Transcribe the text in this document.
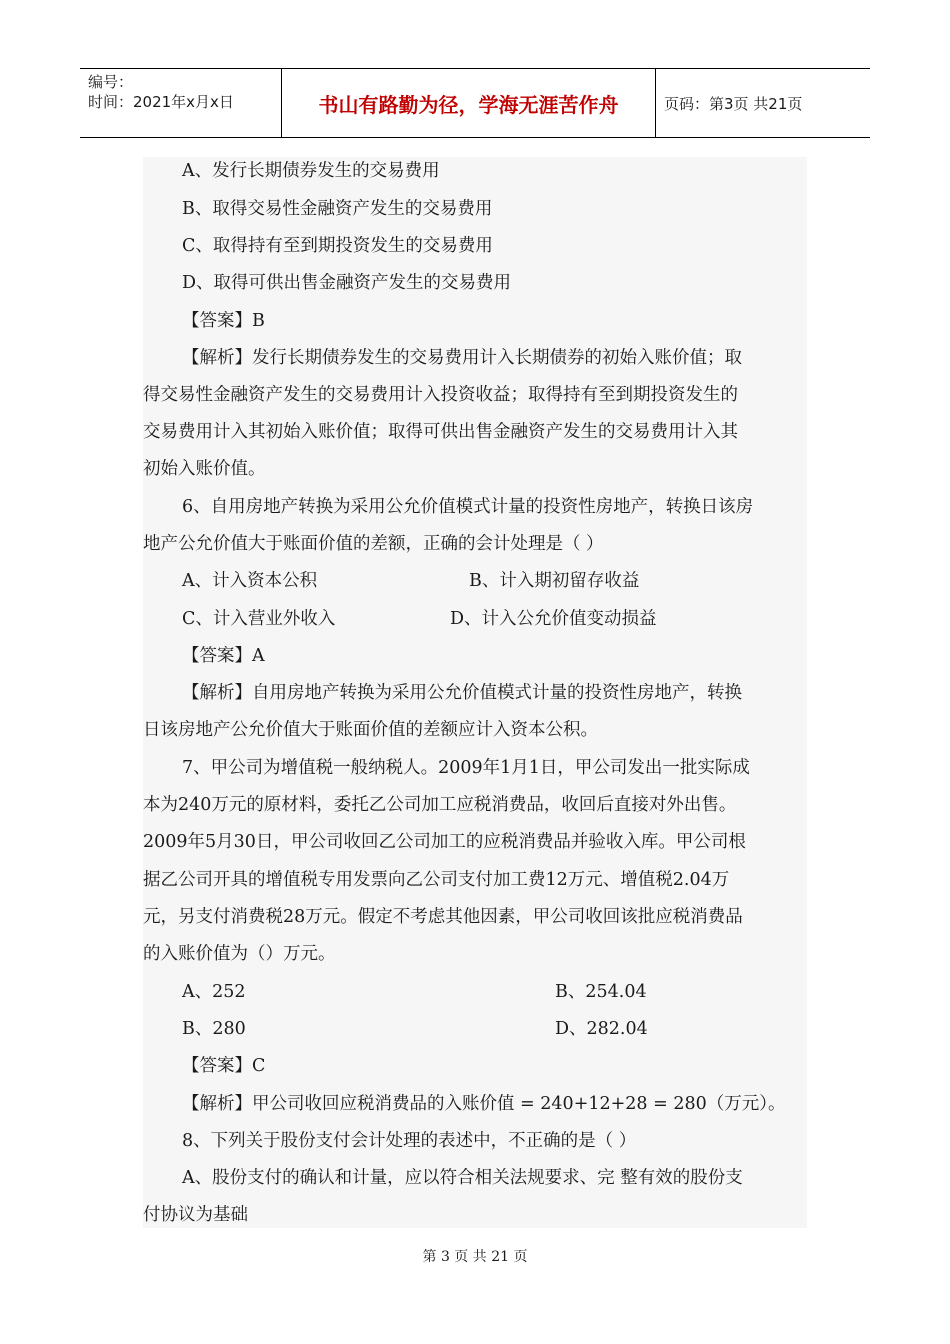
编号：
时间：2021年x月x日	书山有路勤为径，学海无涯苦作舟	页码：第3页 共21页
A、发行长期债券发生的交易费用
B、取得交易性金融资产发生的交易费用
C、取得持有至到期投资发生的交易费用
D、取得可供出售金融资产发生的交易费用
【答案】B
【解析】发行长期债券发生的交易费用计入长期债券的初始入账价值；取
得交易性金融资产发生的交易费用计入投资收益；取得持有至到期投资发生的
交易费用计入其初始入账价值；取得可供出售金融资产发生的交易费用计入其
初始入账价值。
6、自用房地产转换为采用公允价值模式计量的投资性房地产，转换日该房
地产公允价值大于账面价值的差额，正确的会计处理是（ ）
A、计入资本公积	B、计入期初留存收益
C、计入营业外收入	D、计入公允价值变动损益
【答案】A
【解析】自用房地产转换为采用公允价值模式计量的投资性房地产，转换
日该房地产公允价值大于账面价值的差额应计入资本公积。
7、甲公司为增值税一般纳税人。2009年1月1日，甲公司发出一批实际成
本为240万元的原材料，委托乙公司加工应税消费品，收回后直接对外出售。
2009年5月30日，甲公司收回乙公司加工的应税消费品并验收入库。甲公司根
据乙公司开具的增值税专用发票向乙公司支付加工费12万元、增值税2.04万
元，另支付消费税28万元。假定不考虑其他因素，甲公司收回该批应税消费品
的入账价值为（）万元。
A、252	B、254.04
B、280	D、282.04
【答案】C
【解析】甲公司收回应税消费品的入账价值 = 240+12+28 = 280（万元）。
8、下列关于股份支付会计处理的表述中，不正确的是（ ）
A、股份支付的确认和计量，应以符合相关法规要求、完 整有效的股份支
付协议为基础
第 3 页 共 21 页
